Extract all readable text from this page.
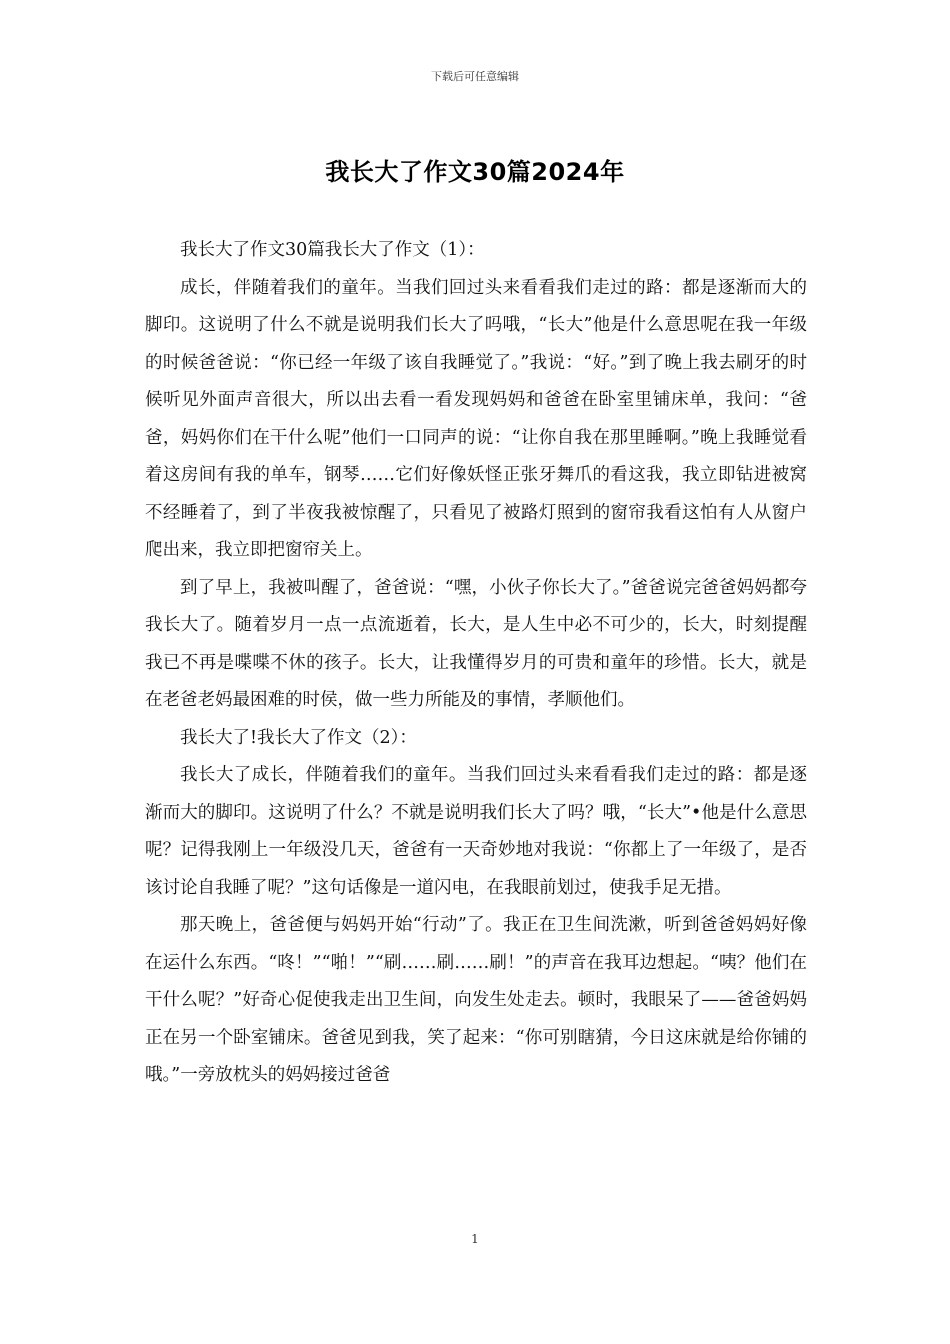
下载后可任意编辑
我长大了作文30篇2024年

我长大了作文30篇我长大了作文（1）：

成长，伴随着我们的童年。当我们回过头来看看我们走过的路：都是逐渐而大的脚印。这说明了什么不就是说明我们长大了吗哦，“长大”他是什么意思呢在我一年级的时候爸爸说：“你已经一年级了该自我睡觉了。”我说：“好。”到了晚上我去刷牙的时候听见外面声音很大，所以出去看一看发现妈妈和爸爸在卧室里铺床单，我问：“爸爸，妈妈你们在干什么呢”他们一口同声的说：“让你自我在那里睡啊。”晚上我睡觉看着这房间有我的单车，钢琴……它们好像妖怪正张牙舞爪的看这我，我立即钻进被窝不经睡着了，到了半夜我被惊醒了，只看见了被路灯照到的窗帘我看这怕有人从窗户爬出来，我立即把窗帘关上。

到了早上，我被叫醒了，爸爸说：“嘿，小伙子你长大了。”爸爸说完爸爸妈妈都夸我长大了。随着岁月一点一点流逝着，长大，是人生中必不可少的，长大，时刻提醒我已不再是喋喋不休的孩子。长大，让我懂得岁月的可贵和童年的珍惜。长大，就是在老爸老妈最困难的时侯，做一些力所能及的事情，孝顺他们。

我长大了!我长大了作文（2）：

我长大了成长，伴随着我们的童年。当我们回过头来看看我们走过的路：都是逐渐而大的脚印。这说明了什么？不就是说明我们长大了吗？哦，“长大”•他是什么意思呢？记得我刚上一年级没几天，爸爸有一天奇妙地对我说：“你都上了一年级了，是否该讨论自我睡了呢？”这句话像是一道闪电，在我眼前划过，使我手足无措。

那天晚上，爸爸便与妈妈开始“行动”了。我正在卫生间洗漱，听到爸爸妈妈好像在运什么东西。“咚！”“啪！”“刷……刷……刷！”的声音在我耳边想起。“咦？他们在干什么呢？”好奇心促使我走出卫生间，向发生处走去。顿时，我眼呆了——爸爸妈妈正在另一个卧室铺床。爸爸见到我，笑了起来：“你可别瞎猜，今日这床就是给你铺的哦。”一旁放枕头的妈妈接过爸爸

1
